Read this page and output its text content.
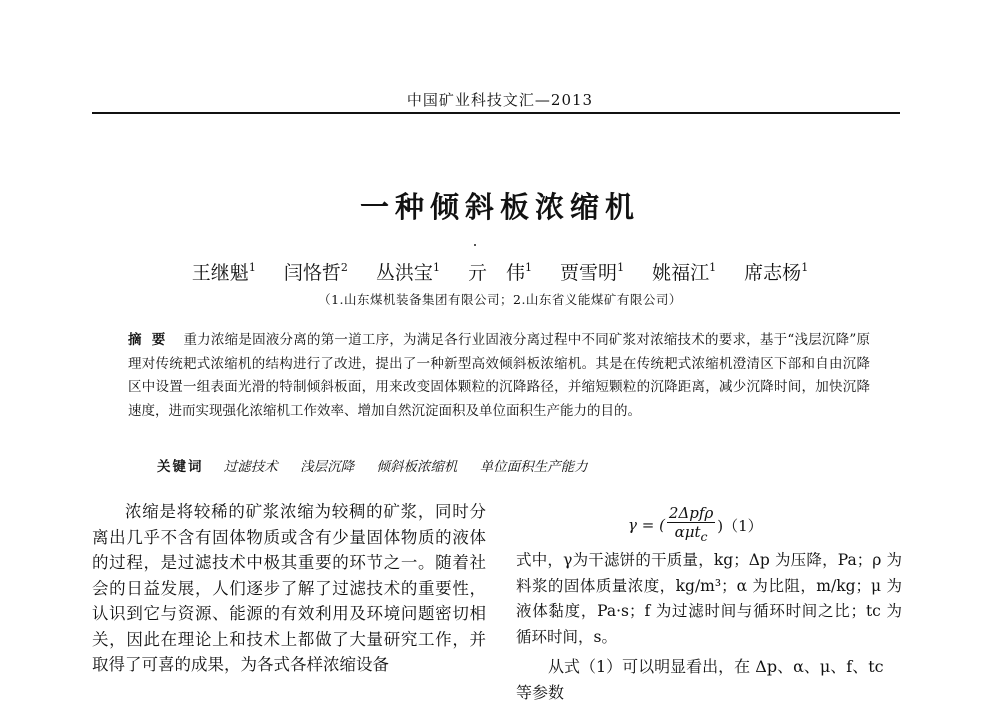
中国矿业科技文汇—2013
一种倾斜板浓缩机
王继魁$^1$ 闫恪哲$^2$ 丛洪宝$^1$ 亓　伟$^1$ 贾雪明$^1$ 姚福江$^1$ 席志杨$^1$
（1.山东煤机装备集团有限公司；2.山东省义能煤矿有限公司）
摘要 重力浓缩是固液分离的第一道工序，为满足各行业固液分离过程中不同矿浆对浓缩技术的要求，基于“浅层沉降”原理对传统耙式浓缩机的结构进行了改进，提出了一种新型高效倾斜板浓缩机。其是在传统耙式浓缩机澄清区下部和自由沉降区中设置一组表面光滑的特制倾斜板面，用来改变固体颗粒的沉降路径，并缩短颗粒的沉降距离，减少沉降时间，加快沉降速度，进而实现强化浓缩机工作效率、增加自然沉淀面积及单位面积生产能力的目的。
关键词 过滤技术 浅层沉降 倾斜板浓缩机 单位面积生产能力
浓缩是将较稀的矿浆浓缩为较稠的矿浆，同时分离出几乎不含有固体物质或含有少量固体物质的液体的过程，是过滤技术中极其重要的环节之一。随着社会的日益发展，人们逐步了解了过滤技术的重要性，认识到它与资源、能源的有效利用及环境问题密切相关，因此在理论上和技术上都做了大量研究工作，并取得了可喜的成果，为各式各样浓缩设备
γ = ( $\frac{\text{2Δpfρ}}{\alpha\mu t_c} )(1)$
式中，γ为干滤饼的干质量，kg；Δp 为压降，Pa；ρ 为料浆的固体质量浓度，kg/m³；α 为比阻，m/kg；μ 为液体黏度，Pa·s；f 为过滤时间与循环时间之比；tc 为循环时间，s。
从式（1）可以明显看出，在 Δp、α、μ、f、tc 等参数
